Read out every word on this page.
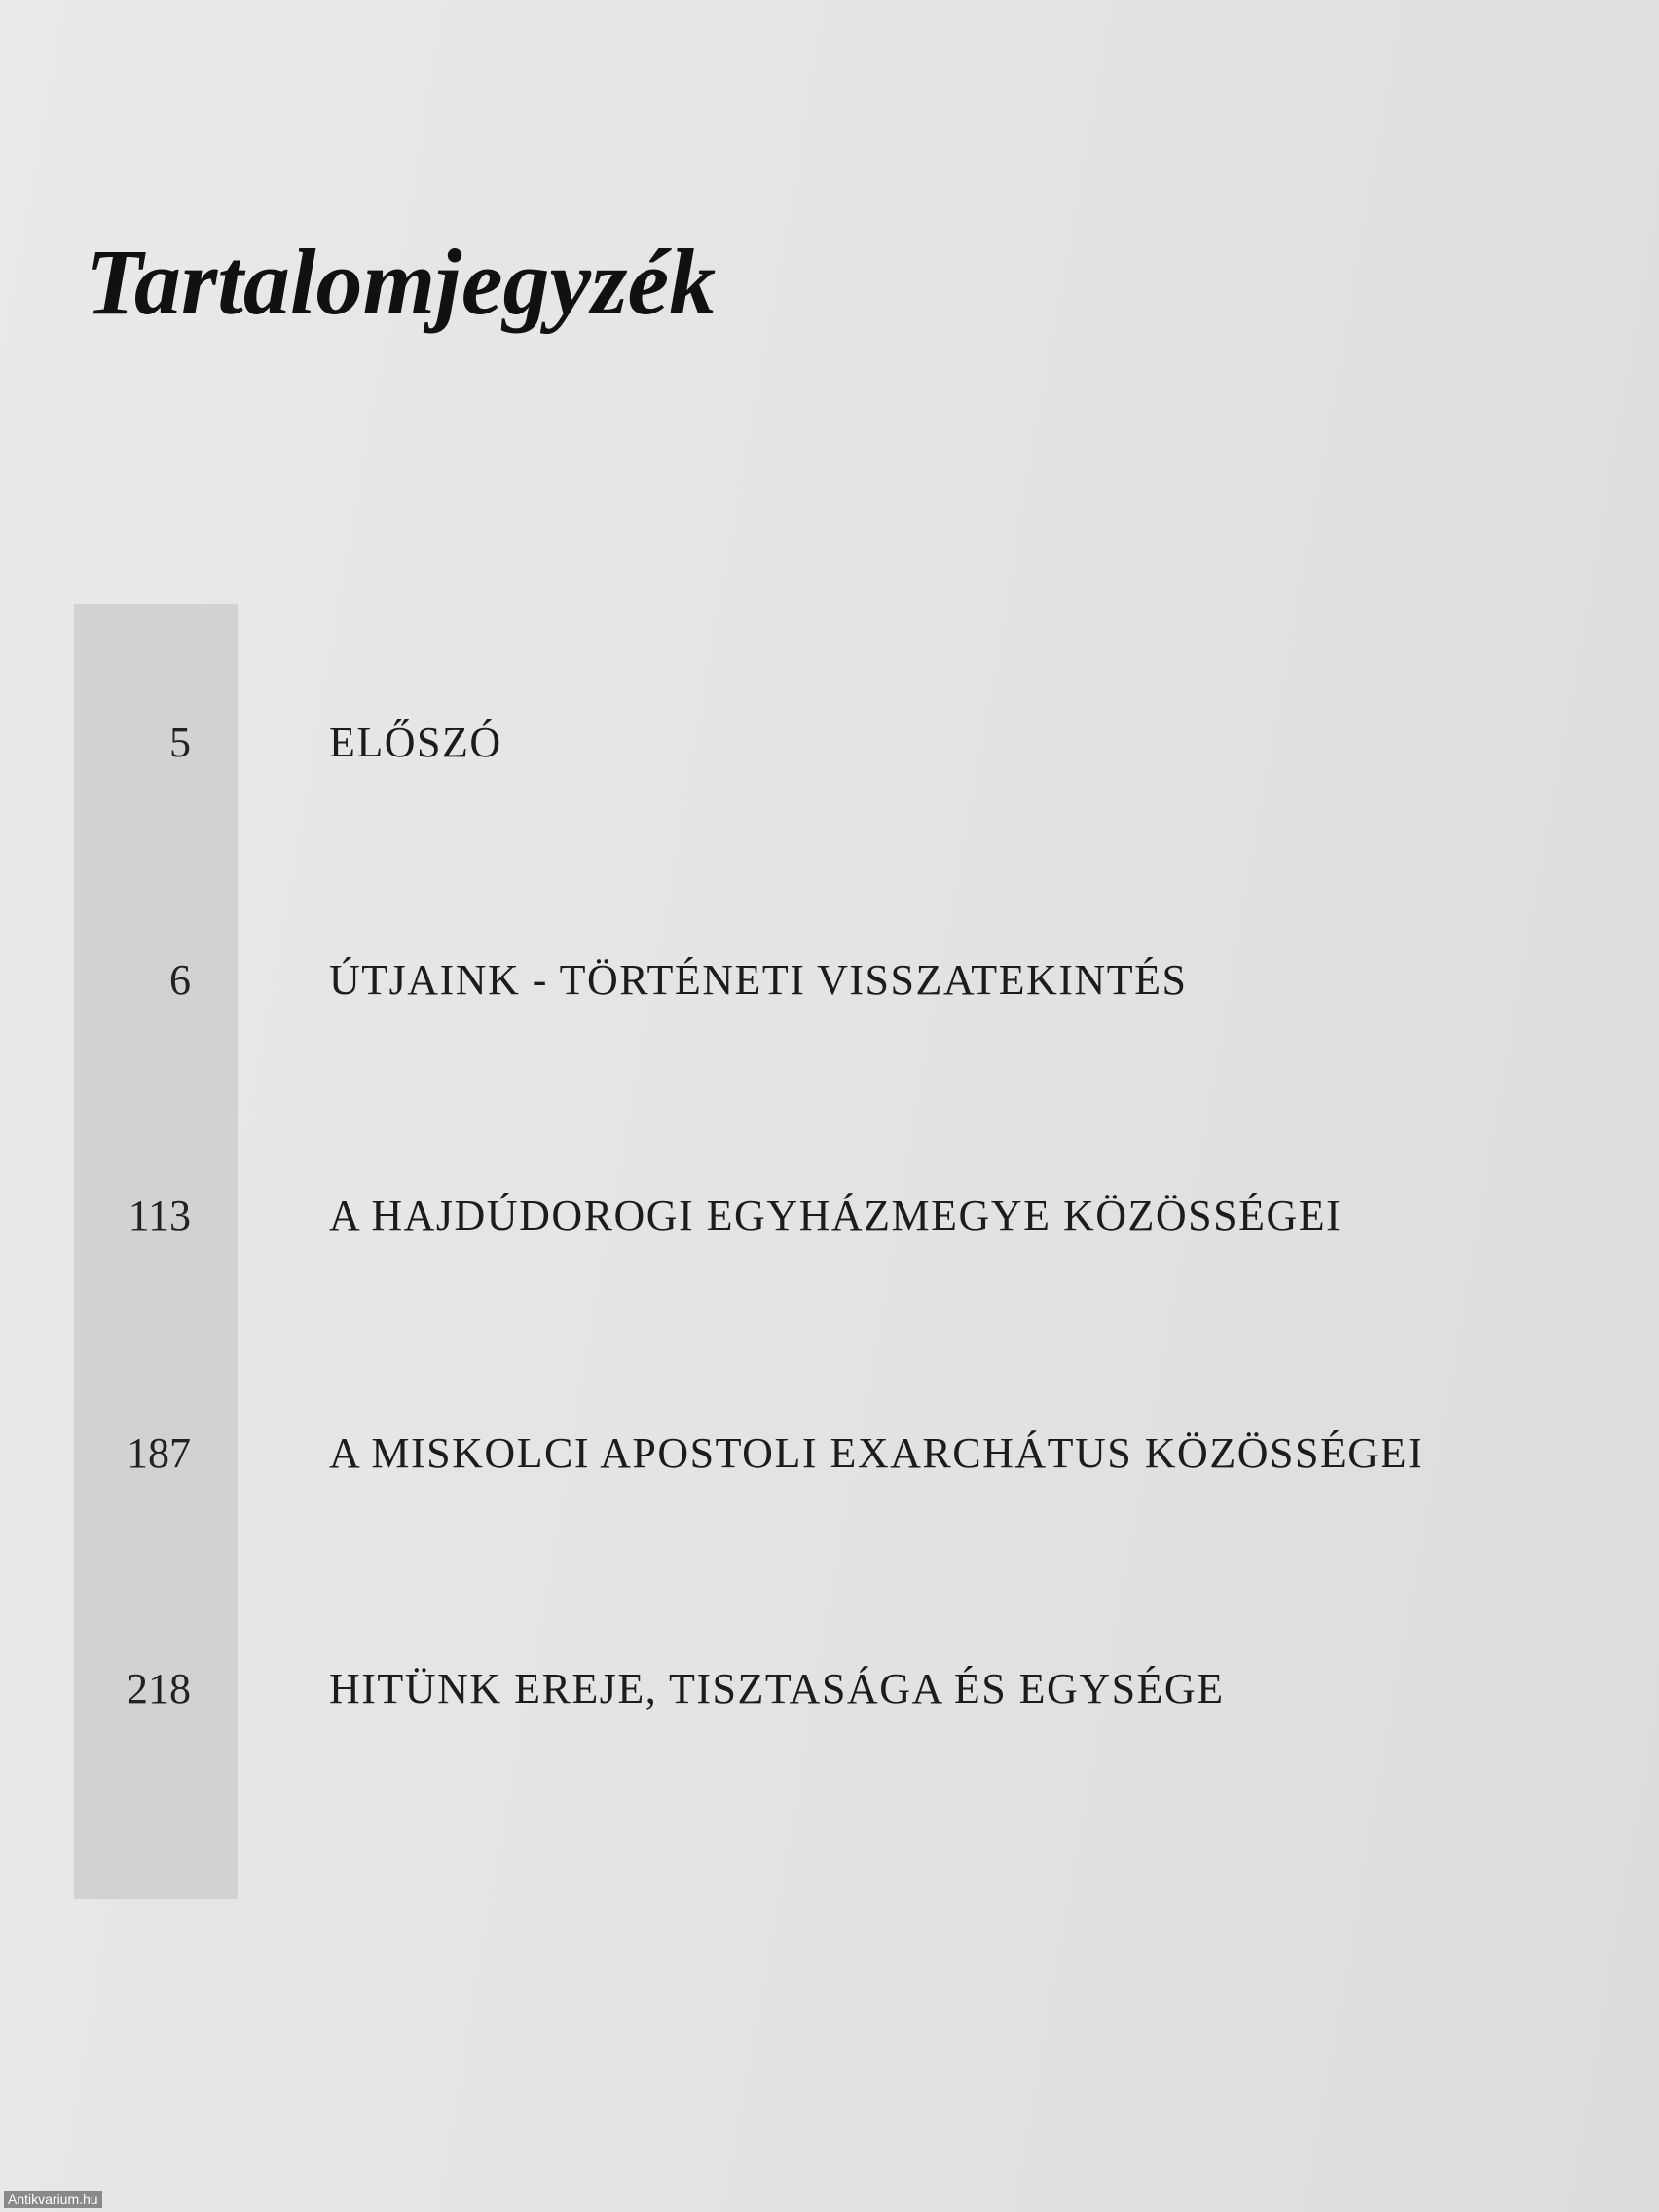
Tartalomjegyzék
5	ELŐSZÓ
6	ÚTJAINK - TÖRTÉNETI VISSZATEKINTÉS
113	A HAJDÚDOROGI EGYHÁZMEGYE KÖZÖSSÉGEI
187	A MISKOLCI APOSTOLI EXARCHÁTUS KÖZÖSSÉGEI
218	HITÜNK EREJE, TISZTASÁGA ÉS EGYSÉGE
Antikvarium.hu
